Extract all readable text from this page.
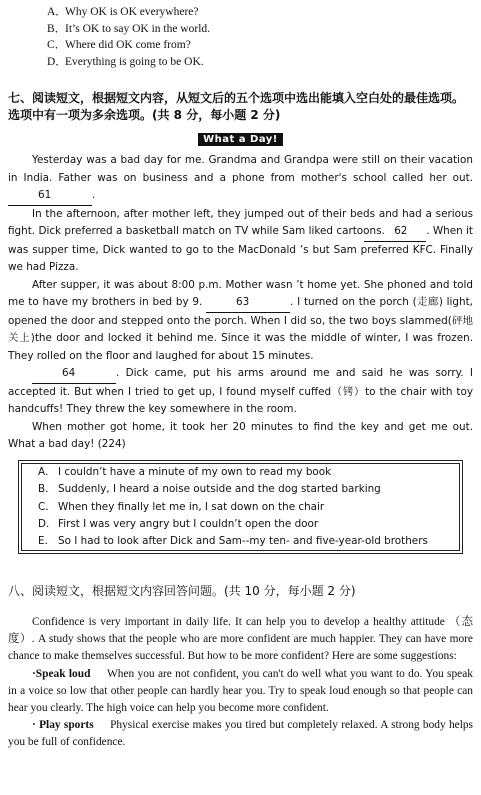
A．Why OK is OK everywhere?
B．It’s OK to say OK in the world.
C．Where did OK come from?
D．Everything is going to be OK.
七、阅读短文，根据短文内容，从短文后的五个选项中选出能填入空白处的最佳选项。选项中有一项为多余选项。(共 8 分，每小题 2 分)
What a Day!

Yesterday was a bad day for me. Grandma and Grandpa were still on their vacation in India. Father was on business and a phone from mother's school called her out. 61	.

In the afternoon, after mother left, they jumped out of their beds and had a serious fight. Dick preferred a basketball match on TV while Sam liked cartoons. 62 . When it was supper time, Dick wanted to go to the MacDonald ’s but Sam preferred KFC. Finally we had Pizza.

After supper, it was about 8:00 p.m. Mother wasn ’t home yet. She phoned and told me to have my brothers in bed by 9.	63	. I turned on the porch (走廊) light, opened the door and stepped onto the porch. When I did so, the two boys slammed(砰地关上)the door and locked it behind me. Since it was the middle of winter, I was frozen. They rolled on the floor and laughed for about 15 minutes.

64	. Dick came, put his arms around me and said he was sorry. I accepted it. But when I tried to get up, I found myself cuffed（铐）to the chair with toy handcuffs! They threw the key somewhere in the room.

When mother got home, it took her 20 minutes to find the key and get me out. What a bad day! (224)

A． I couldn’t have a minute of my own to read my book
B． Suddenly, I heard a noise outside and the dog started barking
C． When they finally let me in, I sat down on the chair
D． First I was very angry but I couldn’t open the door
E． So I had to look after Dick and Sam--my ten- and five-year-old brothers
八、阅读短文，根据短文内容回答问题。(共 10 分，每小题 2 分)

Confidence is very important in daily life. It can help you to develop a healthy attitude （态度）. A study shows that the people who are more confident are much happier. They can have more chance to make themselves successful. But how to be more confident? Here are some suggestions:

·Speak loud When you are not confident, you can't do well what you want to do. You speak in a voice so low that other people can hardly hear you. Try to speak loud enough so that people can hear you clearly. The high voice can help you become more confident.

· Play sports Physical exercise makes you tired but completely relaxed. A strong body helps you be full of confidence.
